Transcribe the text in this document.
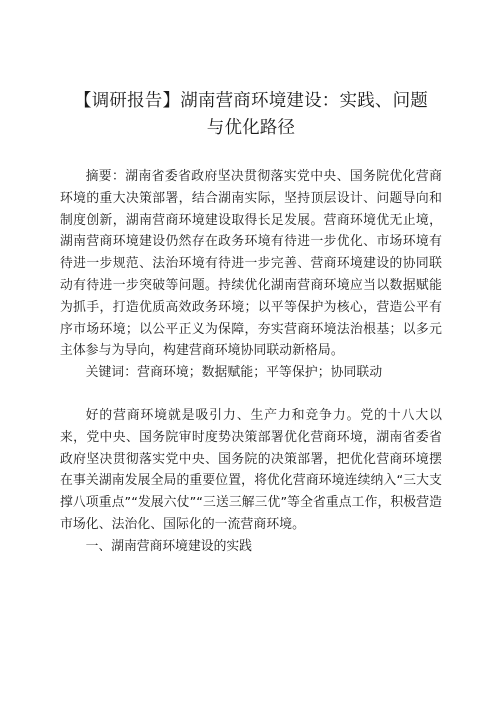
【调研报告】湖南营商环境建设：实践、问题
与优化路径

摘要：湖南省委省政府坚决贯彻落实党中央、国务院优化营商环境的重大决策部署，结合湖南实际，坚持顶层设计、问题导向和制度创新，湖南营商环境建设取得长足发展。营商环境优无止境，湖南营商环境建设仍然存在政务环境有待进一步优化、市场环境有待进一步规范、法治环境有待进一步完善、营商环境建设的协同联动有待进一步突破等问题。持续优化湖南营商环境应当以数据赋能为抓手，打造优质高效政务环境；以平等保护为核心，营造公平有序市场环境；以公平正义为保障，夯实营商环境法治根基；以多元主体参与为导向，构建营商环境协同联动新格局。

关键词：营商环境；数据赋能；平等保护；协同联动

好的营商环境就是吸引力、生产力和竞争力。党的十八大以来，党中央、国务院审时度势决策部署优化营商环境，湖南省委省政府坚决贯彻落实党中央、国务院的决策部署，把优化营商环境摆在事关湖南发展全局的重要位置，将优化营商环境连续纳入“三大支撑八项重点”“发展六仗”“三送三解三优”等全省重点工作，积极营造市场化、法治化、国际化的一流营商环境。

一、湖南营商环境建设的实践
